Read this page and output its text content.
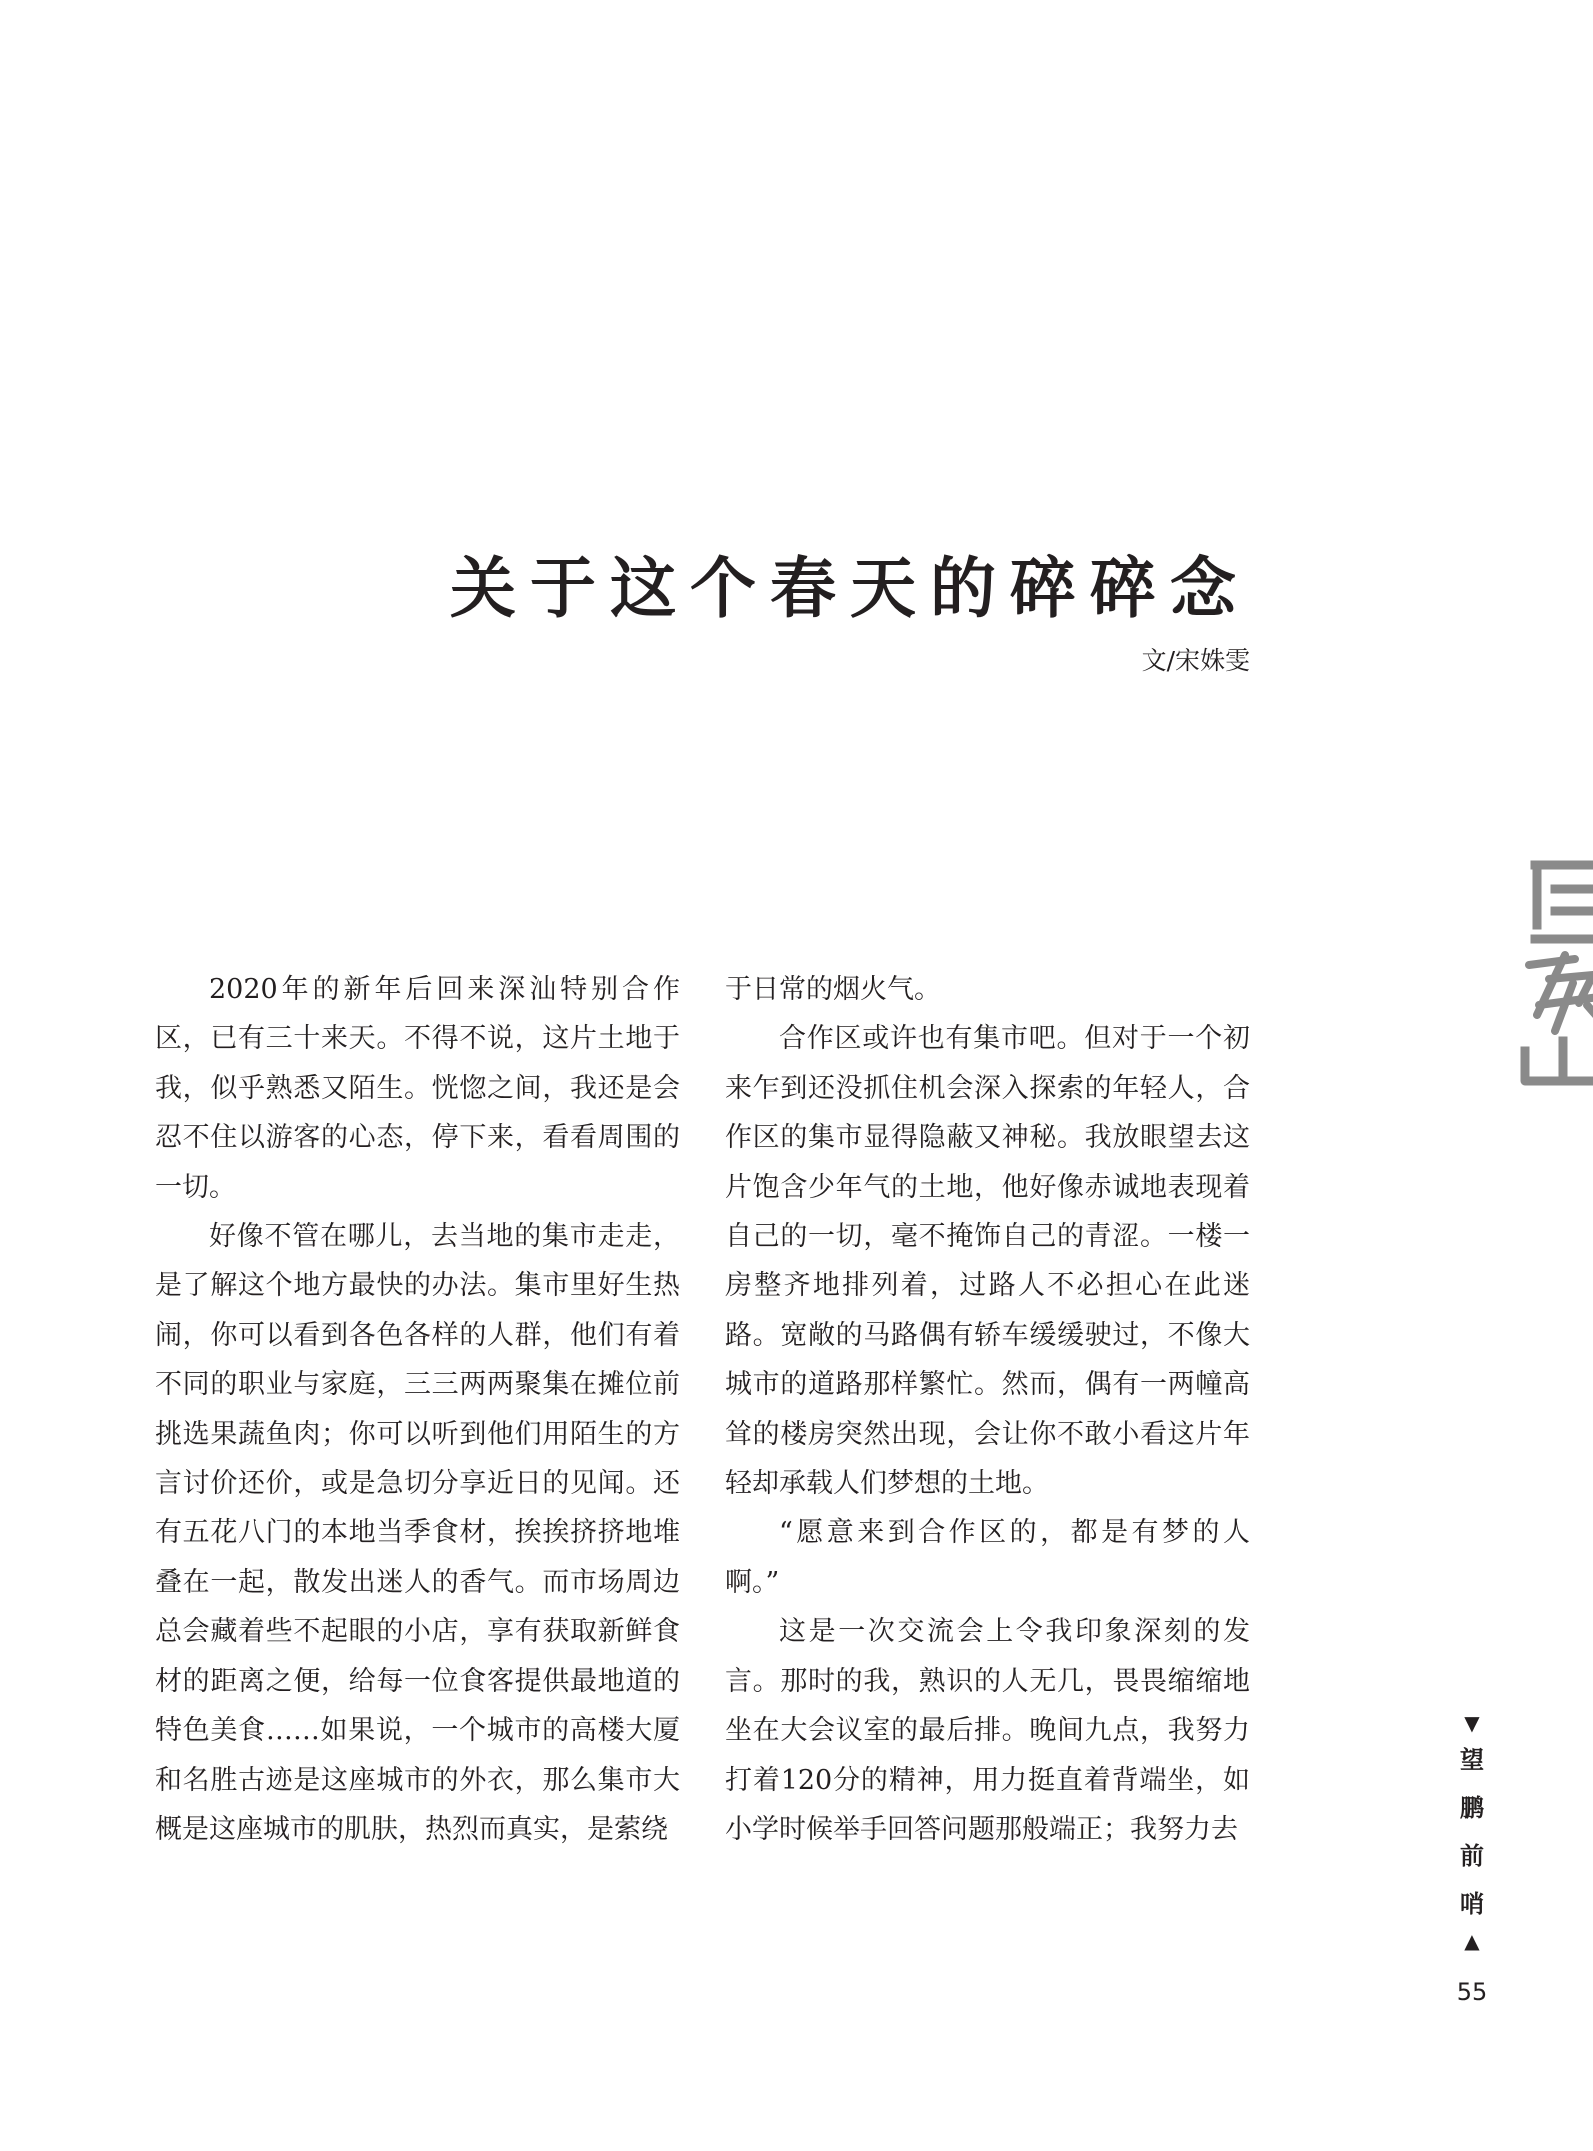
关于这个春天的碎碎念
文/宋姝雯

2020年的新年后回来深汕特别合作区，已有三十来天。不得不说，这片土地于我，似乎熟悉又陌生。恍惚之间，我还是会忍不住以游客的心态，停下来，看看周围的一切。

好像不管在哪儿，去当地的集市走走，是了解这个地方最快的办法。集市里好生热闹，你可以看到各色各样的人群，他们有着不同的职业与家庭，三三两两聚集在摊位前挑选果蔬鱼肉；你可以听到他们用陌生的方言讨价还价，或是急切分享近日的见闻。还有五花八门的本地当季食材，挨挨挤挤地堆叠在一起，散发出迷人的香气。而市场周边总会藏着些不起眼的小店，享有获取新鲜食材的距离之便，给每一位食客提供最地道的特色美食……如果说，一个城市的高楼大厦和名胜古迹是这座城市的外衣，那么集市大概是这座城市的肌肤，热烈而真实，是萦绕

于日常的烟火气。

合作区或许也有集市吧。但对于一个初来乍到还没抓住机会深入探索的年轻人，合作区的集市显得隐蔽又神秘。我放眼望去这片饱含少年气的土地，他好像赤诚地表现着自己的一切，毫不掩饰自己的青涩。一楼一房整齐地排列着，过路人不必担心在此迷路。宽敞的马路偶有轿车缓缓驶过，不像大城市的道路那样繁忙。然而，偶有一两幢高耸的楼房突然出现，会让你不敢小看这片年轻却承载人们梦想的土地。

“愿意来到合作区的，都是有梦的人啊。”

这是一次交流会上令我印象深刻的发言。那时的我，熟识的人无几，畏畏缩缩地坐在大会议室的最后排。晚间九点，我努力打着120分的精神，用力挺直着背端坐，如小学时候举手回答问题那般端正；我努力去

▼
望
鹏
前
哨
▲
55
